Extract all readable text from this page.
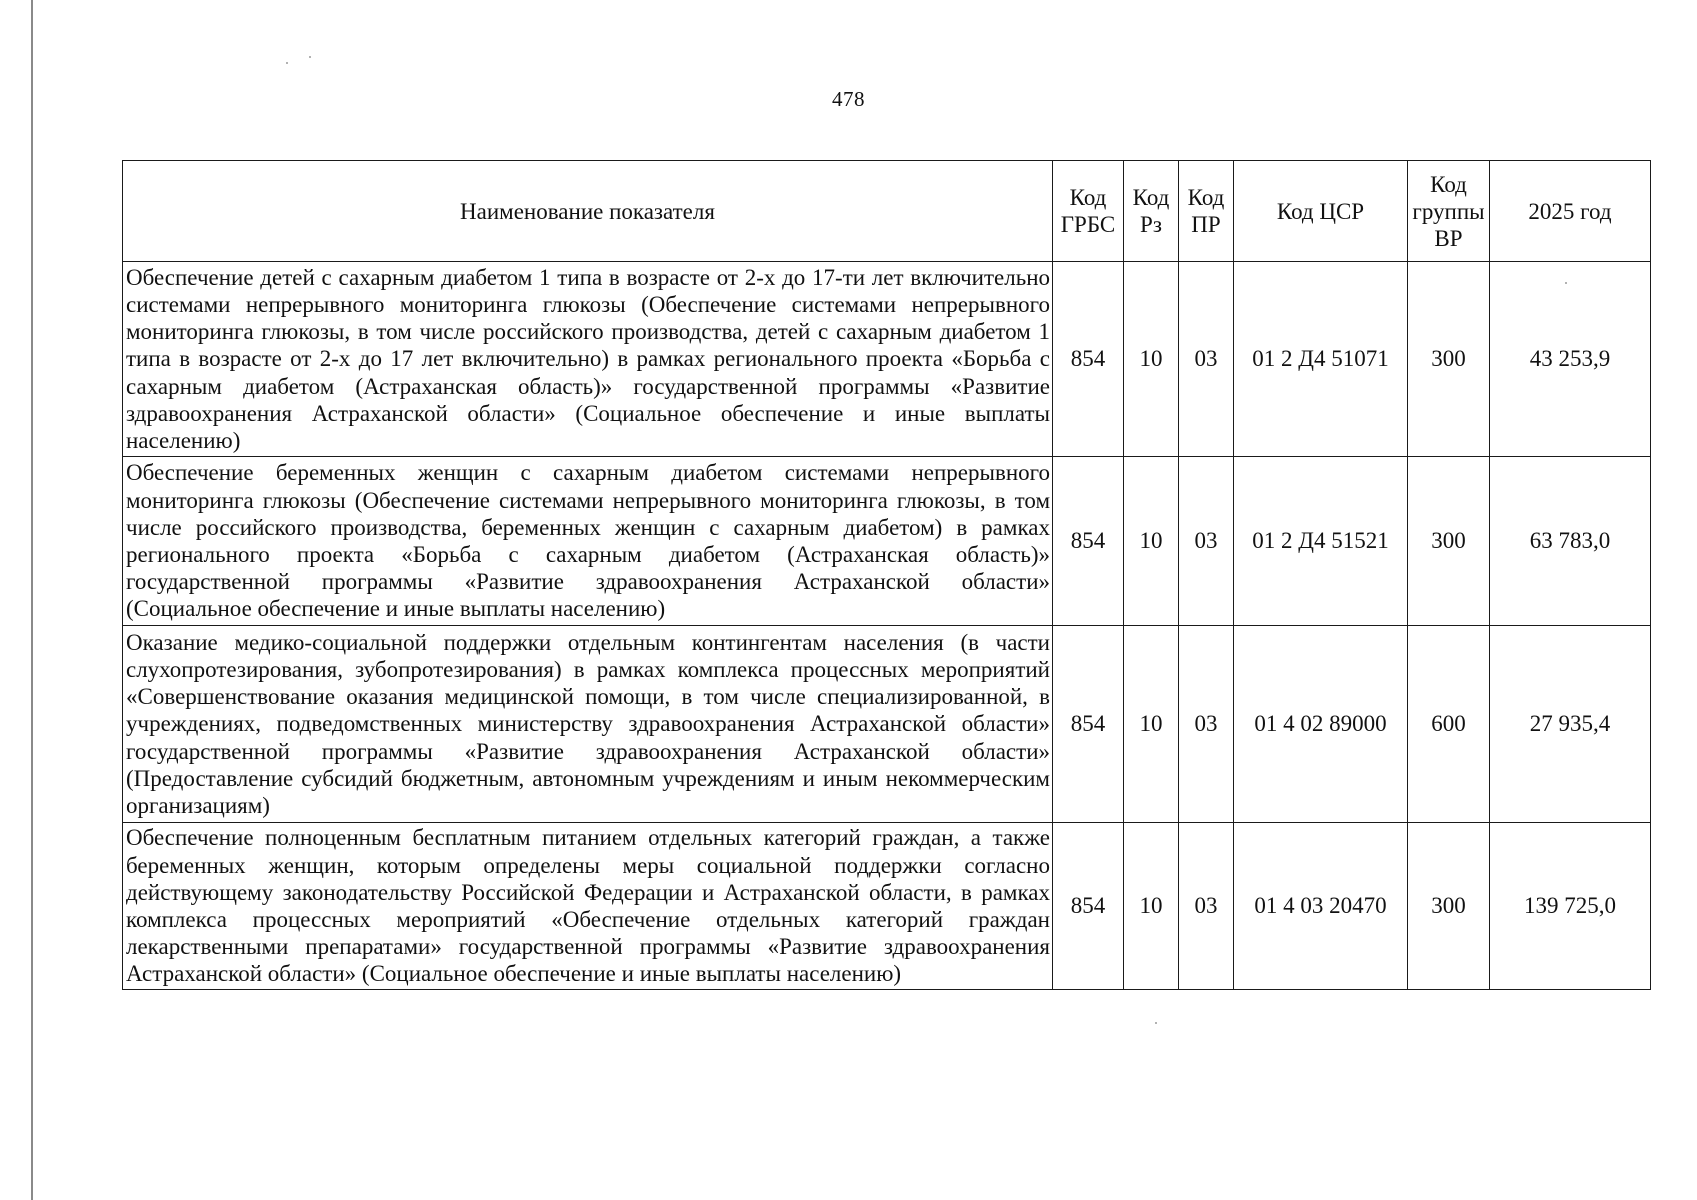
478
Наименование показателя	Код ГРБС	Код Рз	Код ПР	Код ЦСР	Код группы ВР	2025 год
Обеспечение детей с сахарным диабетом 1 типа в возрасте от 2-х до 17-ти лет включительно системами непрерывного мониторинга глюкозы (Обеспечение системами непрерывного мониторинга глюкозы, в том числе российского производства, детей с сахарным диабетом 1 типа в возрасте от 2-х до 17 лет включительно) в рамках регионального проекта «Борьба с сахарным диабетом (Астраханская область)» государственной программы «Развитие здравоохранения Астраханской области» (Социальное обеспечение и иные выплаты населению)	854	10	03	01 2 Д4 51071	300	43 253,9
Обеспечение беременных женщин с сахарным диабетом системами непрерывного мониторинга глюкозы (Обеспечение системами непрерывного мониторинга глюкозы, в том числе российского производства, беременных женщин с сахарным диабетом) в рамках регионального проекта «Борьба с сахарным диабетом (Астраханская область)» государственной программы «Развитие здравоохранения Астраханской области» (Социальное обеспечение и иные выплаты населению)	854	10	03	01 2 Д4 51521	300	63 783,0
Оказание медико-социальной поддержки отдельным контингентам населения (в части слухопротезирования, зубопротезирования) в рамках комплекса процессных мероприятий «Совершенствование оказания медицинской помощи, в том числе специализированной, в учреждениях, подведомственных министерству здравоохранения Астраханской области» государственной программы «Развитие здравоохранения Астраханской области» (Предоставление субсидий бюджетным, автономным учреждениям и иным некоммерческим организациям)	854	10	03	01 4 02 89000	600	27 935,4
Обеспечение полноценным бесплатным питанием отдельных категорий граждан, а также беременных женщин, которым определены меры социальной поддержки согласно действующему законодательству Российской Федерации и Астраханской области, в рамках комплекса процессных мероприятий «Обеспечение отдельных категорий граждан лекарственными препаратами» государственной программы «Развитие здравоохранения Астраханской области» (Социальное обеспечение и иные выплаты населению)	854	10	03	01 4 03 20470	300	139 725,0
